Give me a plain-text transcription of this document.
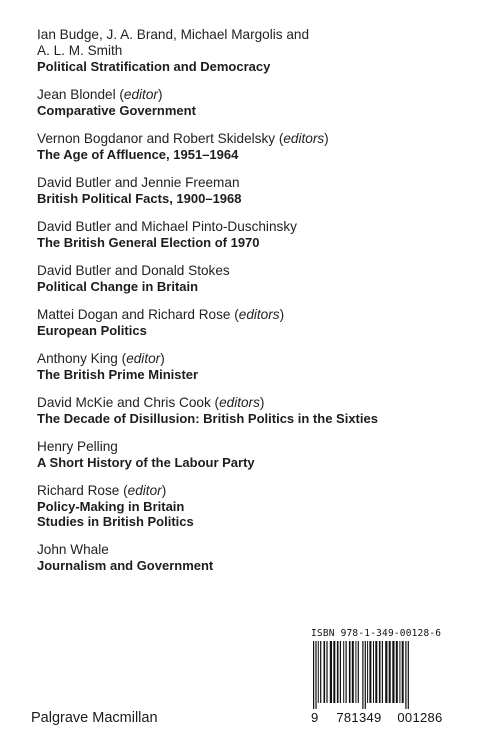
Ian Budge, J. A. Brand, Michael Margolis and
A. L. M. Smith
Political Stratification and Democracy
Jean Blondel (editor)
Comparative Government
Vernon Bogdanor and Robert Skidelsky (editors)
The Age of Affluence, 1951–1964
David Butler and Jennie Freeman
British Political Facts, 1900–1968
David Butler and Michael Pinto-Duschinsky
The British General Election of 1970
David Butler and Donald Stokes
Political Change in Britain
Mattei Dogan and Richard Rose (editors)
European Politics
Anthony King (editor)
The British Prime Minister
David McKie and Chris Cook (editors)
The Decade of Disillusion: British Politics in the Sixties
Henry Pelling
A Short History of the Labour Party
Richard Rose (editor)
Policy-Making in Britain
Studies in British Politics
John Whale
Journalism and Government
ISBN 978-1-349-00128-6
9 781349 001286
Palgrave Macmillan
